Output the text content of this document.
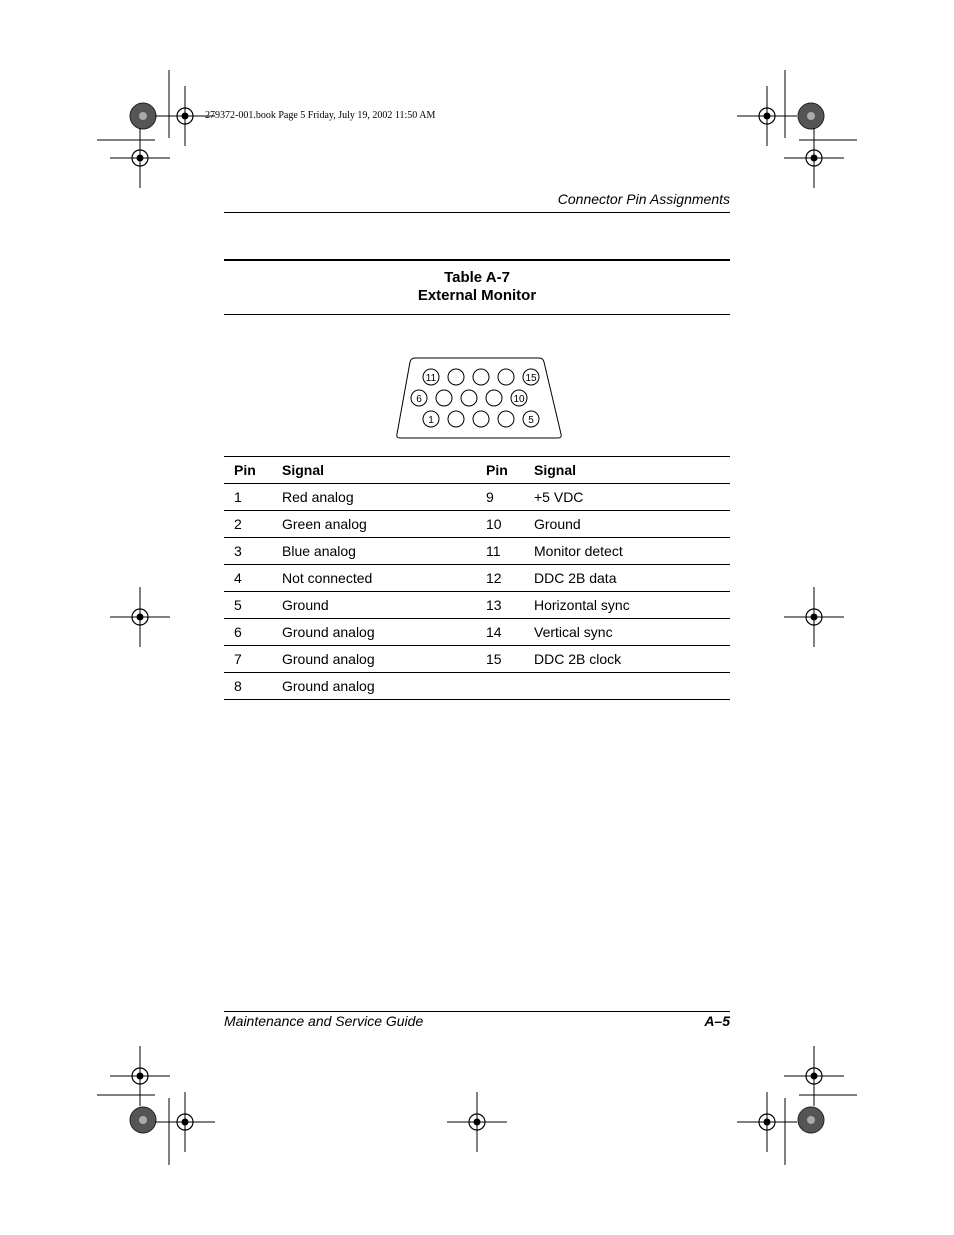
279372-001.book Page 5 Friday, July 19, 2002 11:50 AM
Connector Pin Assignments
Table A-7
External Monitor
11	15
6	10
1	5
Pin	Signal	Pin	Signal
1	Red analog	9	+5 VDC
2	Green analog	10	Ground
3	Blue analog	11	Monitor detect
4	Not connected	12	DDC 2B data
5	Ground	13	Horizontal sync
6	Ground analog	14	Vertical sync
7	Ground analog	15	DDC 2B clock
8	Ground analog		
Maintenance and Service Guide	A–5
